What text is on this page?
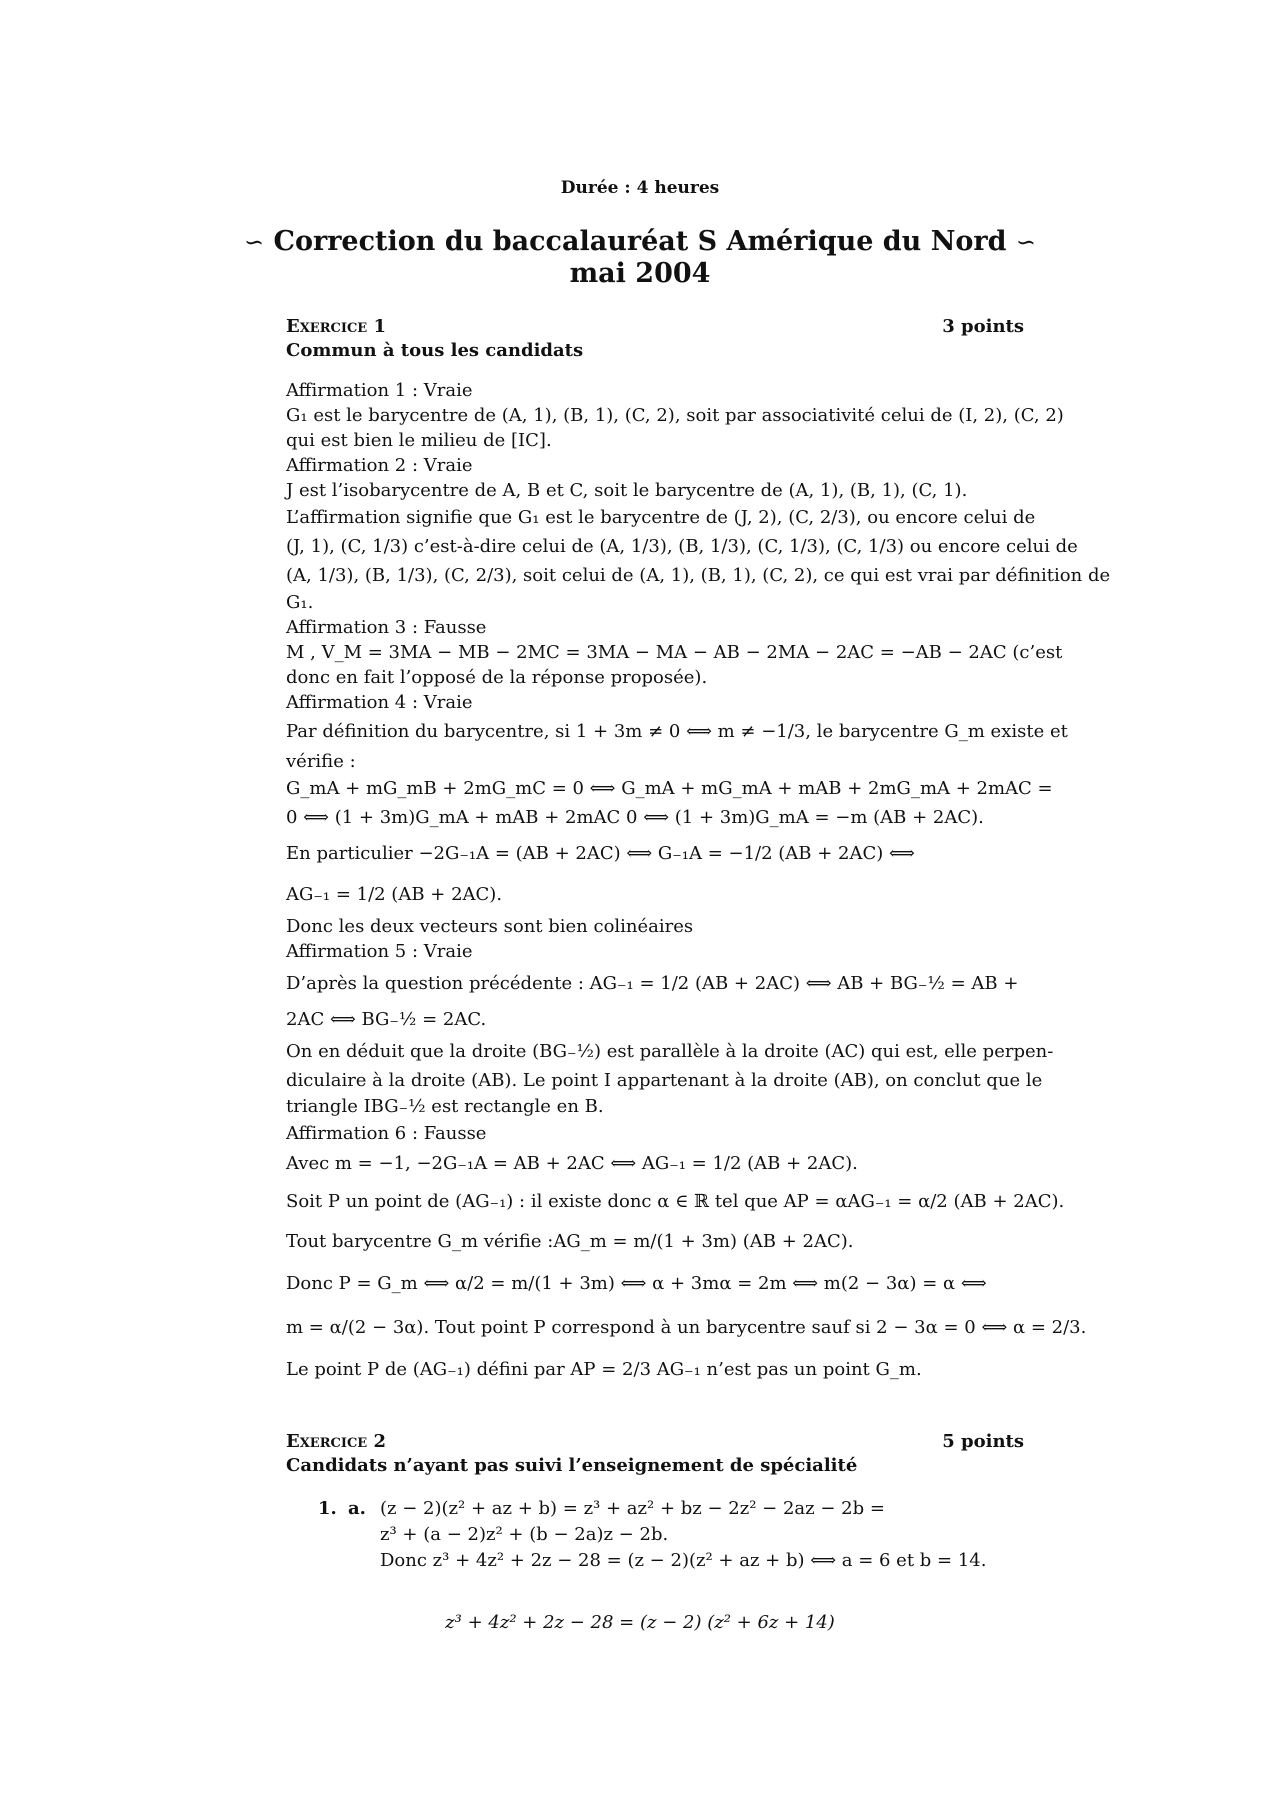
Durée : 4 heures
∽ Correction du baccalauréat S Amérique du Nord ∽
mai 2004
Exercice 1	3 points

Commun à tous les candidats
Affirmation 1 : Vraie
G₁ est le barycentre de (A, 1), (B, 1), (C, 2), soit par associativité celui de (I, 2), (C, 2)
qui est bien le milieu de [IC].
Affirmation 2 : Vraie
J est l’isobarycentre de A, B et C, soit le barycentre de (A, 1), (B, 1), (C, 1).
L’affirmation signifie que G₁ est le barycentre de (J, 2), (C, 2/3), ou encore celui de
(J, 1), (C, 1/3) c’est-à-dire celui de (A, 1/3), (B, 1/3), (C, 1/3), (C, 1/3) ou encore celui de
(A, 1/3), (B, 1/3), (C, 2/3), soit celui de (A, 1), (B, 1), (C, 2), ce qui est vrai par définition de
G₁.
Affirmation 3 : Fausse
M , V_M = 3MA − MB − 2MC = 3MA − MA − AB − 2MA − 2AC = −AB − 2AC (c’est
donc en fait l’opposé de la réponse proposée).
Affirmation 4 : Vraie
Par définition du barycentre, si 1 + 3m ≠ 0 ⟺ m ≠ −1/3, le barycentre G_m existe et
vérifie :
G_mA + mG_mB + 2mG_mC = 0 ⟺ G_mA + mG_mA + mAB + 2mG_mA + 2mAC =
0 ⟺ (1 + 3m)G_mA + mAB + 2mAC 0 ⟺ (1 + 3m)G_mA = −m (AB + 2AC).
En particulier −2G₋₁A = (AB + 2AC) ⟺ G₋₁A = −1/2 (AB + 2AC) ⟺
AG₋₁ = 1/2 (AB + 2AC).
Donc les deux vecteurs sont bien colinéaires
Affirmation 5 : Vraie
D’après la question précédente : AG₋₁ = 1/2 (AB + 2AC) ⟺ AB + BG₋½ = AB +
2AC ⟺ BG₋½ = 2AC.
On en déduit que la droite (BG₋½) est parallèle à la droite (AC) qui est, elle perpen-
diculaire à la droite (AB). Le point I appartenant à la droite (AB), on conclut que le
triangle IBG₋½ est rectangle en B.
Affirmation 6 : Fausse
Avec m = −1, −2G₋₁A = AB + 2AC ⟺ AG₋₁ = 1/2 (AB + 2AC).
Soit P un point de (AG₋₁) : il existe donc α ∈ ℝ tel que AP = αAG₋₁ = α/2 (AB + 2AC).
Tout barycentre G_m vérifie :AG_m = m/(1 + 3m) (AB + 2AC).
Donc P = G_m ⟺ α/2 = m/(1 + 3m) ⟺ α + 3mα = 2m ⟺ m(2 − 3α) = α ⟺
m = α/(2 − 3α). Tout point P correspond à un barycentre sauf si 2 − 3α = 0 ⟺ α = 2/3.
Le point P de (AG₋₁) défini par AP = 2/3 AG₋₁ n’est pas un point G_m.
Exercice 2	5 points

Candidats n’ayant pas suivi l’enseignement de spécialité
1. a. (z − 2)(z² + az + b) = z³ + az² + bz − 2z² − 2az − 2b =
z³ + (a − 2)z² + (b − 2a)z − 2b.
Donc z³ + 4z² + 2z − 28 = (z − 2)(z² + az + b) ⟺ a = 6 et b = 14.
z³ + 4z² + 2z − 28 = (z − 2) (z² + 6z + 14)
